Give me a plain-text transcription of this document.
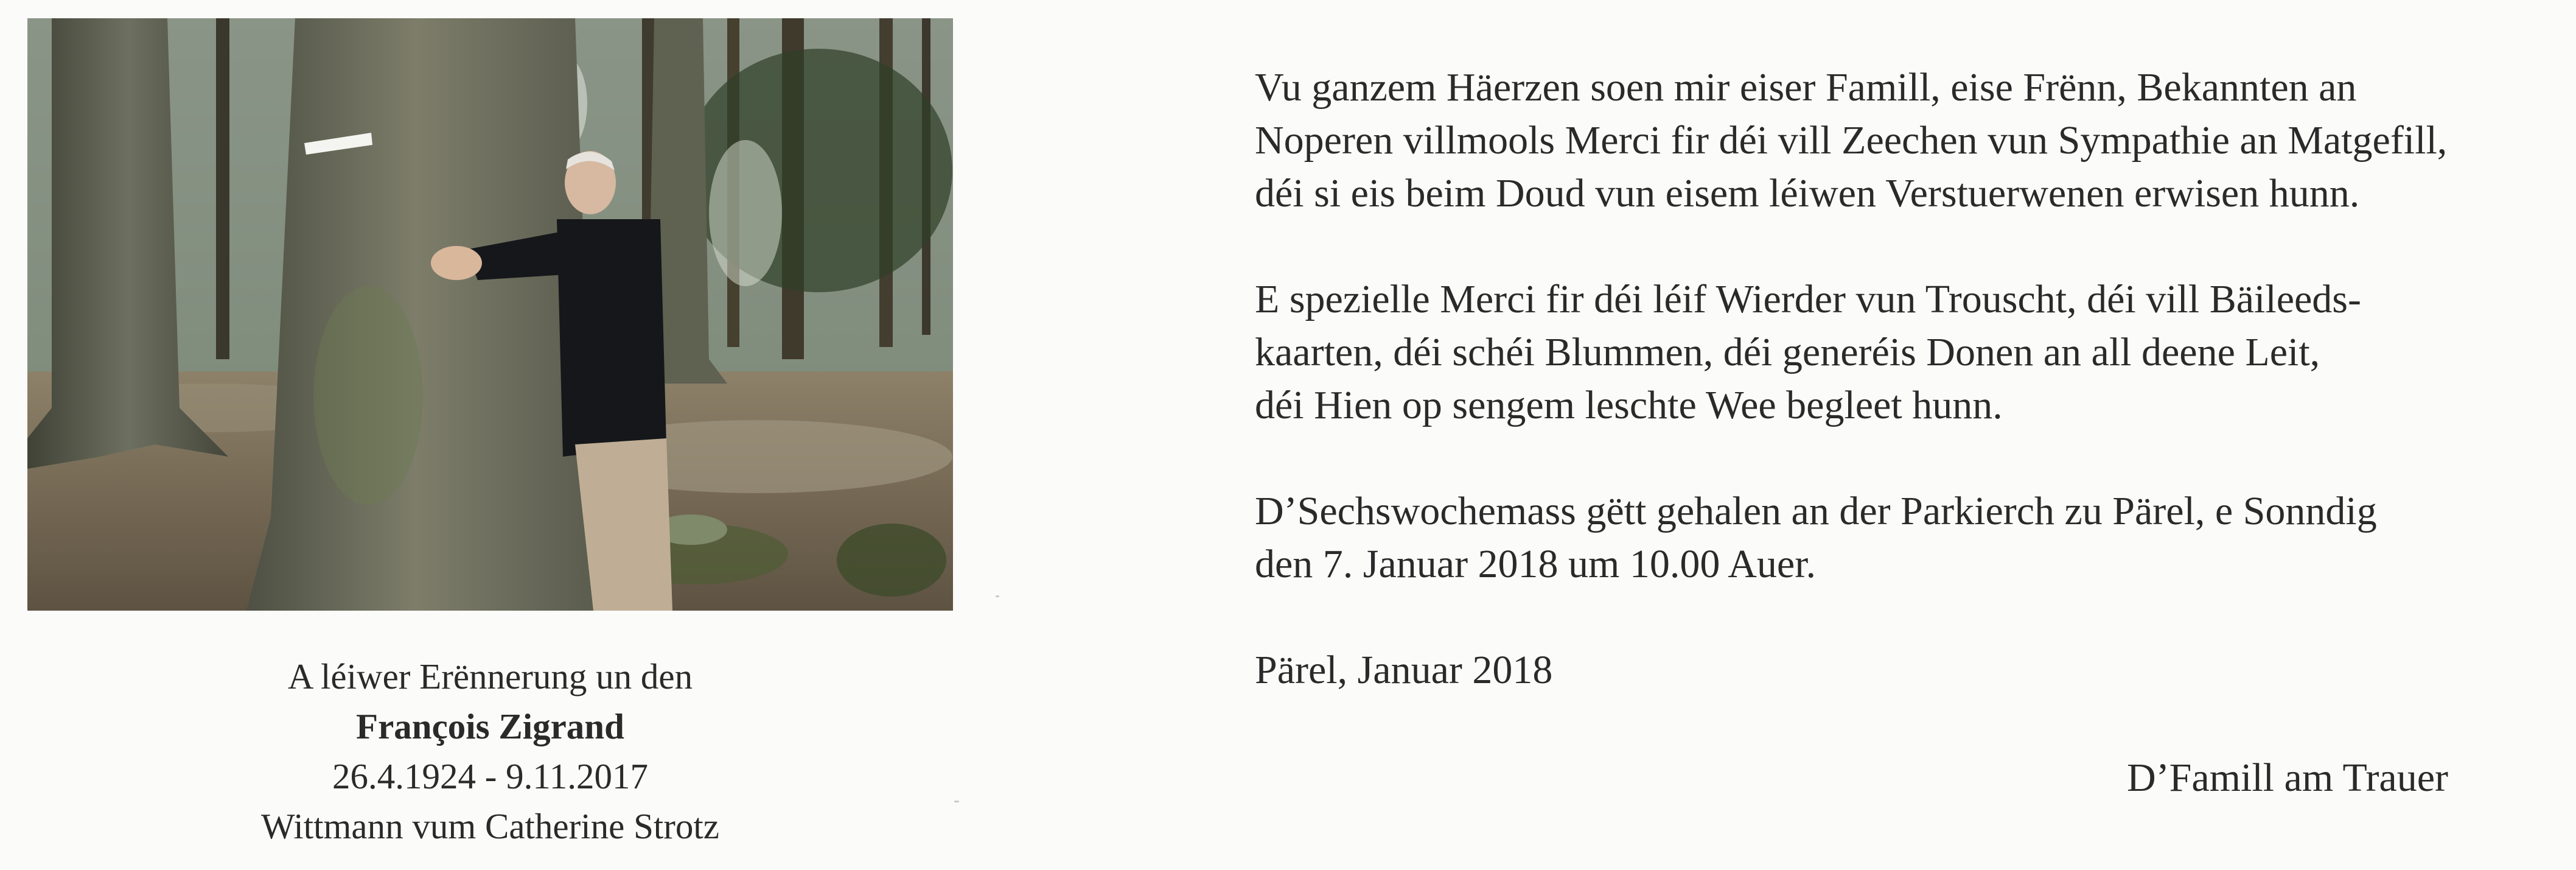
A léiwer Erënnerung un den
François Zigrand
26.4.1924 - 9.11.2017
Wittmann vum Catherine Strotz
Vu ganzem Häerzen soen mir eiser Famill, eise Frënn, Bekannten an
Noperen villmools Merci fir déi vill Zeechen vun Sympathie an Matgefill,
déi si eis beim Doud vun eisem léiwen Verstuerwenen erwisen hunn.
E spezielle Merci fir déi léif Wierder vun Trouscht, déi vill Bäileeds-
kaarten, déi schéi Blummen, déi generéis Donen an all deene Leit,
déi Hien op sengem leschte Wee begleet hunn.
D’Sechswochemass gëtt gehalen an der Parkierch zu Pärel, e Sonndig
den 7. Januar 2018 um 10.00 Auer.
Pärel, Januar 2018
D’Famill am Trauer
